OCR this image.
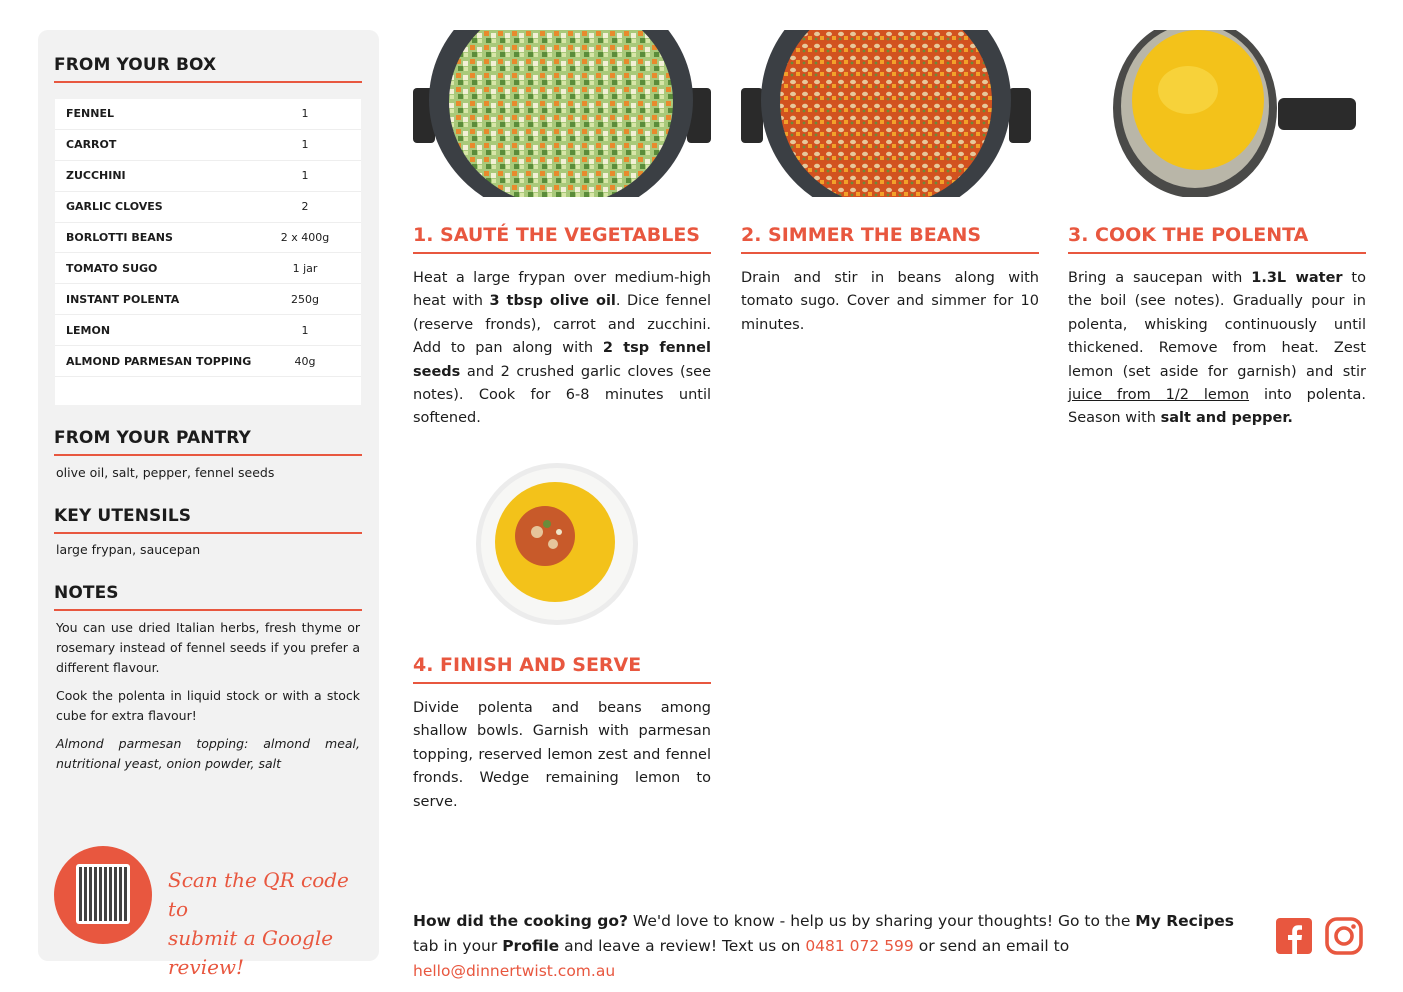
FROM YOUR BOX
FENNEL	1
CARROT	1
ZUCCHINI	1
GARLIC CLOVES	2
BORLOTTI BEANS	2 x 400g
TOMATO SUGO	1 jar
INSTANT POLENTA	250g
LEMON	1
ALMOND PARMESAN TOPPING	40g
FROM YOUR PANTRY
olive oil, salt, pepper, fennel seeds
KEY UTENSILS
large frypan, saucepan
NOTES
You can use dried Italian herbs, fresh thyme or rosemary instead of fennel seeds if you prefer a different flavour.
Cook the polenta in liquid stock or with a stock cube for extra flavour!
Almond parmesan topping: almond meal, nutritional yeast, onion powder, salt
Scan the QR code to
submit a Google review!
1. SAUTÉ THE VEGETABLES	2. SIMMER THE BEANS	3. COOK THE POLENTA
4. FINISH AND SERVE
Heat a large frypan over medium-high heat with 3 tbsp olive oil. Dice fennel (reserve fronds), carrot and zucchini. Add to pan along with 2 tsp fennel seeds and 2 crushed garlic cloves (see notes). Cook for 6-8 minutes until softened.
Drain and stir in beans along with tomato sugo. Cover and simmer for 10 minutes.
Bring a saucepan with 1.3L water to the boil (see notes). Gradually pour in polenta, whisking continuously until thickened. Remove from heat. Zest lemon (set aside for garnish) and stir juice from 1/2 lemon into polenta. Season with salt and pepper.
Divide polenta and beans among shallow bowls. Garnish with parmesan topping, reserved lemon zest and fennel fronds. Wedge remaining lemon to serve.
How did the cooking go? We'd love to know - help us by sharing your thoughts! Go to the My Recipes tab in your Profile and leave a review! Text us on 0481 072 599 or send an email to hello@dinnertwist.com.au
